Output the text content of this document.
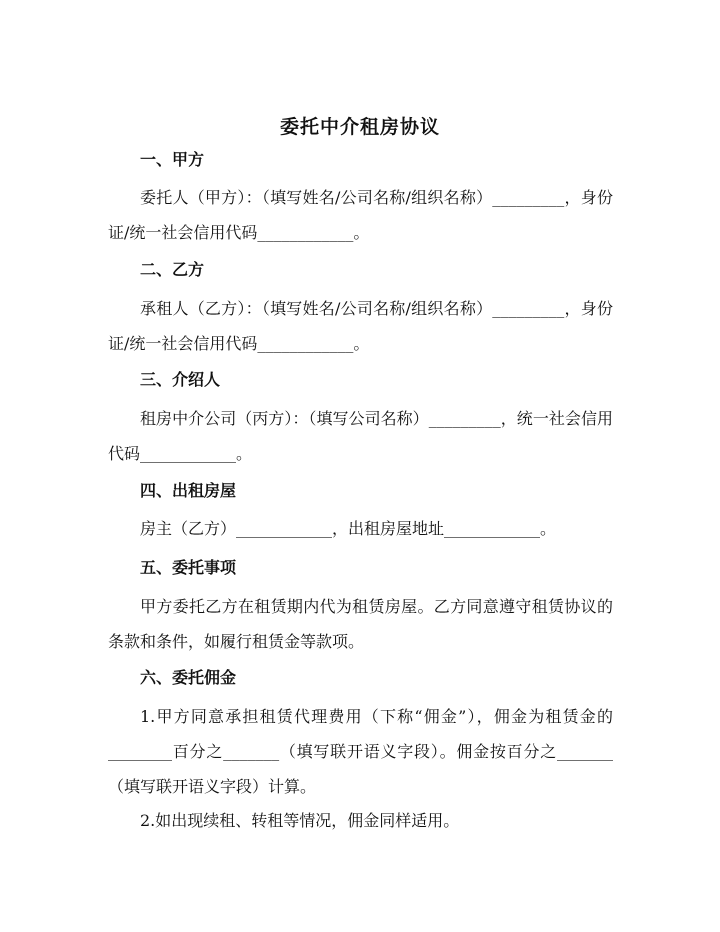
委托中介租房协议
一、甲方
委托人（甲方）：（填写姓名/公司名称/组织名称）_________，身份证/统一社会信用代码____________。
二、乙方
承租人（乙方）：（填写姓名/公司名称/组织名称）_________，身份证/统一社会信用代码____________。
三、介绍人
租房中介公司（丙方）：（填写公司名称）_________，统一社会信用代码____________。
四、出租房屋
房主（乙方）____________，出租房屋地址____________。
五、委托事项
甲方委托乙方在租赁期内代为租赁房屋。乙方同意遵守租赁协议的条款和条件，如履行租赁金等款项。
六、委托佣金
1.甲方同意承担租赁代理费用（下称“佣金”），佣金为租赁金的________百分之_______（填写联开语义字段）。佣金按百分之_______（填写联开语义字段）计算。
2.如出现续租、转租等情况，佣金同样适用。
